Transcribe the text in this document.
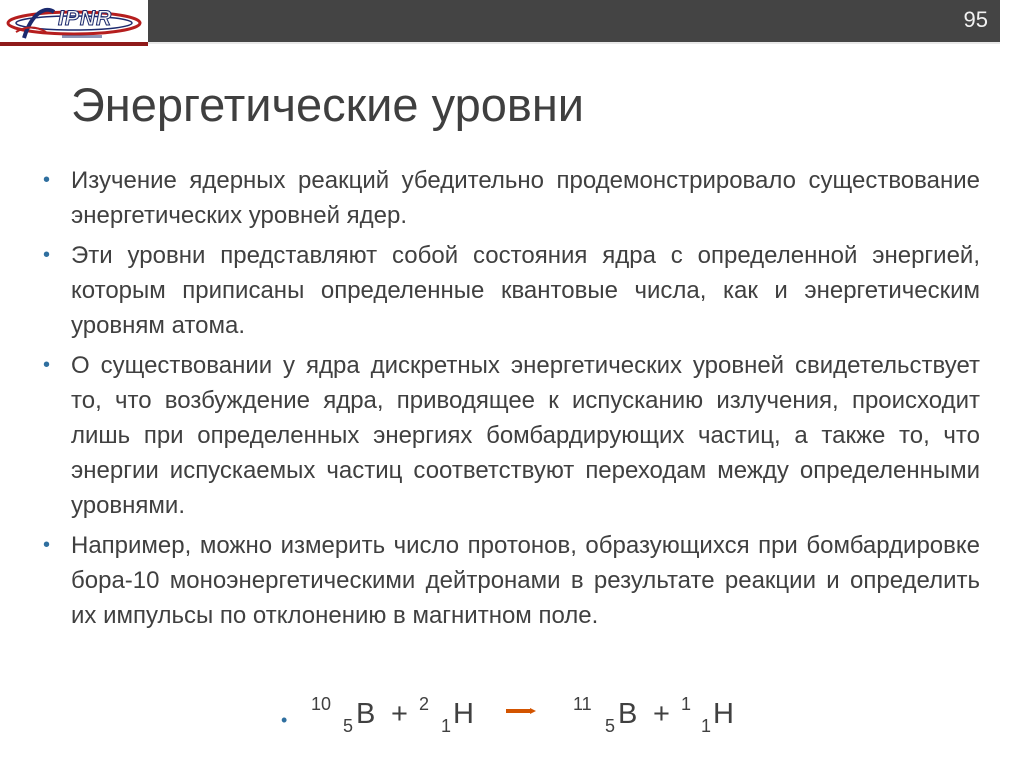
95
IPNR
Энергетические уровни
• Изучение ядерных реакций убедительно продемонстрировало существование энергетических уровней ядер.
• Эти уровни представляют собой состояния ядра с определенной энергией, которым приписаны определенные квантовые числа, как и энергетическим уровням атома.
• О существовании у ядра дискретных энергетических уровней свидетельствует то, что возбуждение ядра, приводящее к испусканию излучения, происходит лишь при определенных энергиях бомбардирующих частиц, а также то, что энергии испускаемых частиц соответствуют переходам между определенными уровнями.
• Например, можно измерить число протонов, образующихся при бомбардировке бора-10 моноэнергетическими дейтронами в результате реакции и определить их импульсы по отклонению в магнитном поле.
•
10
5 B + 2
1 H → 11
5 B + 1
1 H
